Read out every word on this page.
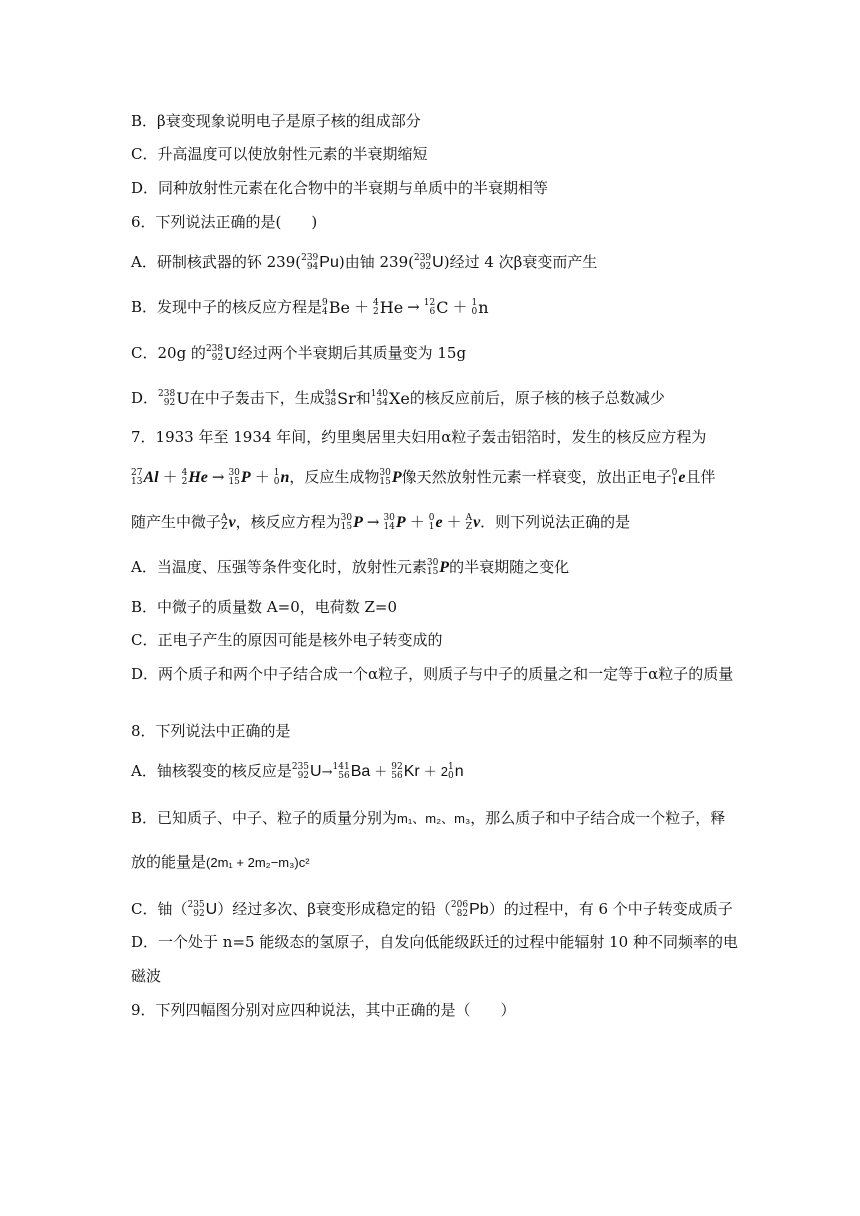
B．β衰变现象说明电子是原子核的组成部分
C．升高温度可以使放射性元素的半衰期缩短
D．同种放射性元素在化合物中的半衰期与单质中的半衰期相等
6．下列说法正确的是(　　)
A．研制核武器的钚 239( 239
94 Pu)由铀 239( 239
92 U)经过 4 次β衰变而产生
B．发现中子的核反应方程是 9
4 Be ＋ 4
2 He → 12
6 C ＋ 1
0 n
C．20g 的 238
92 U经过两个半衰期后其质量变为 15g
D． 238
92 U在中子轰击下，生成 94
38 Sr和 140
54 Xe的核反应前后，原子核的核子总数减少
7．1933 年至 1934 年间，约里奥居里夫妇用α粒子轰击铝箔时，发生的核反应方程为
27
13 Al ＋ 4
2 He → 30
15 P ＋ 1
0 n，反应生成物 30
15 P像天然放射性元素一样衰变，放出正电子 0
1 e且伴
随产生中微子 A
Z ν，核反应方程为 30
15 P → 30
14 P ＋ 0
1 e ＋ A
Z ν．则下列说法正确的是
A．当温度、压强等条件变化时，放射性元素 30
15 P的半衰期随之变化
B．中微子的质量数 A=0，电荷数 Z=0
C．正电子产生的原因可能是核外电子转变成的
D．两个质子和两个中子结合成一个α粒子，则质子与中子的质量之和一定等于α粒子的质量
8．下列说法中正确的是
A．铀核裂变的核反应是 235
92 U→ 141
56 Ba ＋ 92
56 Kr ＋ 2 1
0 n
B．已知质子、中子、粒子的质量分别为m₁、m₂、m₃，那么质子和中子结合成一个粒子，释
放的能量是(2m₁ + 2m₂−m₃)c²
C．铀（ 235
92 U）经过多次、β衰变形成稳定的铅（ 206
82 Pb）的过程中，有 6 个中子转变成质子
D．一个处于 n=5 能级态的氢原子，自发向低能级跃迁的过程中能辐射 10 种不同频率的电
磁波
9．下列四幅图分别对应四种说法，其中正确的是（　　）
